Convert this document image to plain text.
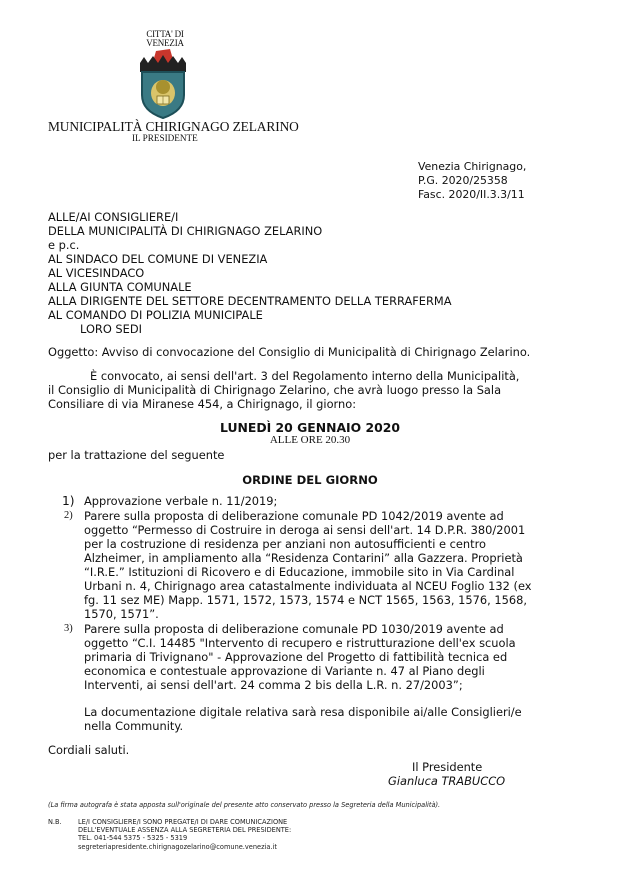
CITTA' DI
VENEZIA
MUNICIPALITÀ CHIRIGNAGO ZELARINO
IL PRESIDENTE
Venezia Chirignago,
P.G. 2020/25358
Fasc. 2020/II.3.3/11
ALLE/AI CONSIGLIERE/I
DELLA MUNICIPALITÀ DI CHIRIGNAGO ZELARINO
e p.c.
AL SINDACO DEL COMUNE DI VENEZIA
AL VICESINDACO
ALLA GIUNTA COMUNALE
ALLA DIRIGENTE DEL SETTORE DECENTRAMENTO DELLA TERRAFERMA
AL COMANDO DI POLIZIA MUNICIPALE
LORO SEDI
Oggetto: Avviso di convocazione del Consiglio di Municipalità di Chirignago Zelarino.
È convocato, ai sensi dell'art. 3 del Regolamento interno della Municipalità,
il Consiglio di Municipalità di Chirignago Zelarino, che avrà luogo presso la Sala
Consiliare di via Miranese 454, a Chirignago, il giorno:
LUNEDÌ 20 GENNAIO 2020
ALLE ORE 20.30
per la trattazione del seguente
ORDINE DEL GIORNO
1) Approvazione verbale n. 11/2019;
2) Parere sulla proposta di deliberazione comunale PD 1042/2019 avente ad
oggetto “Permesso di Costruire in deroga ai sensi dell'art. 14 D.P.R. 380/2001
per la costruzione di residenza per anziani non autosufficienti e centro
Alzheimer, in ampliamento alla “Residenza Contarini” alla Gazzera. Proprietà
“I.R.E.” Istituzioni di Ricovero e di Educazione, immobile sito in Via Cardinal
Urbani n. 4, Chirignago area catastalmente individuata al NCEU Foglio 132 (ex
fg. 11 sez ME) Mapp. 1571, 1572, 1573, 1574 e NCT 1565, 1563, 1576, 1568,
1570, 1571”.
3) Parere sulla proposta di deliberazione comunale PD 1030/2019 avente ad
oggetto “C.I. 14485 "Intervento di recupero e ristrutturazione dell'ex scuola
primaria di Trivignano" - Approvazione del Progetto di fattibilità tecnica ed
economica e contestuale approvazione di Variante n. 47 al Piano degli
Interventi, ai sensi dell'art. 24 comma 2 bis della L.R. n. 27/2003”;
La documentazione digitale relativa sarà resa disponibile ai/alle Consiglieri/e
nella Community.
Cordiali saluti.
Il Presidente
Gianluca TRABUCCO
(La firma autografa è stata apposta sull'originale del presente atto conservato presso la Segreteria della Municipalità).
N.B. LE/I CONSIGLIERE/I SONO PREGATE/I DI DARE COMUNICAZIONE
DELL'EVENTUALE ASSENZA ALLA SEGRETERIA DEL PRESIDENTE:
TEL. 041-544 5375 - 5325 - 5319
segreteriapresidente.chirignagozelarino@comune.venezia.it
